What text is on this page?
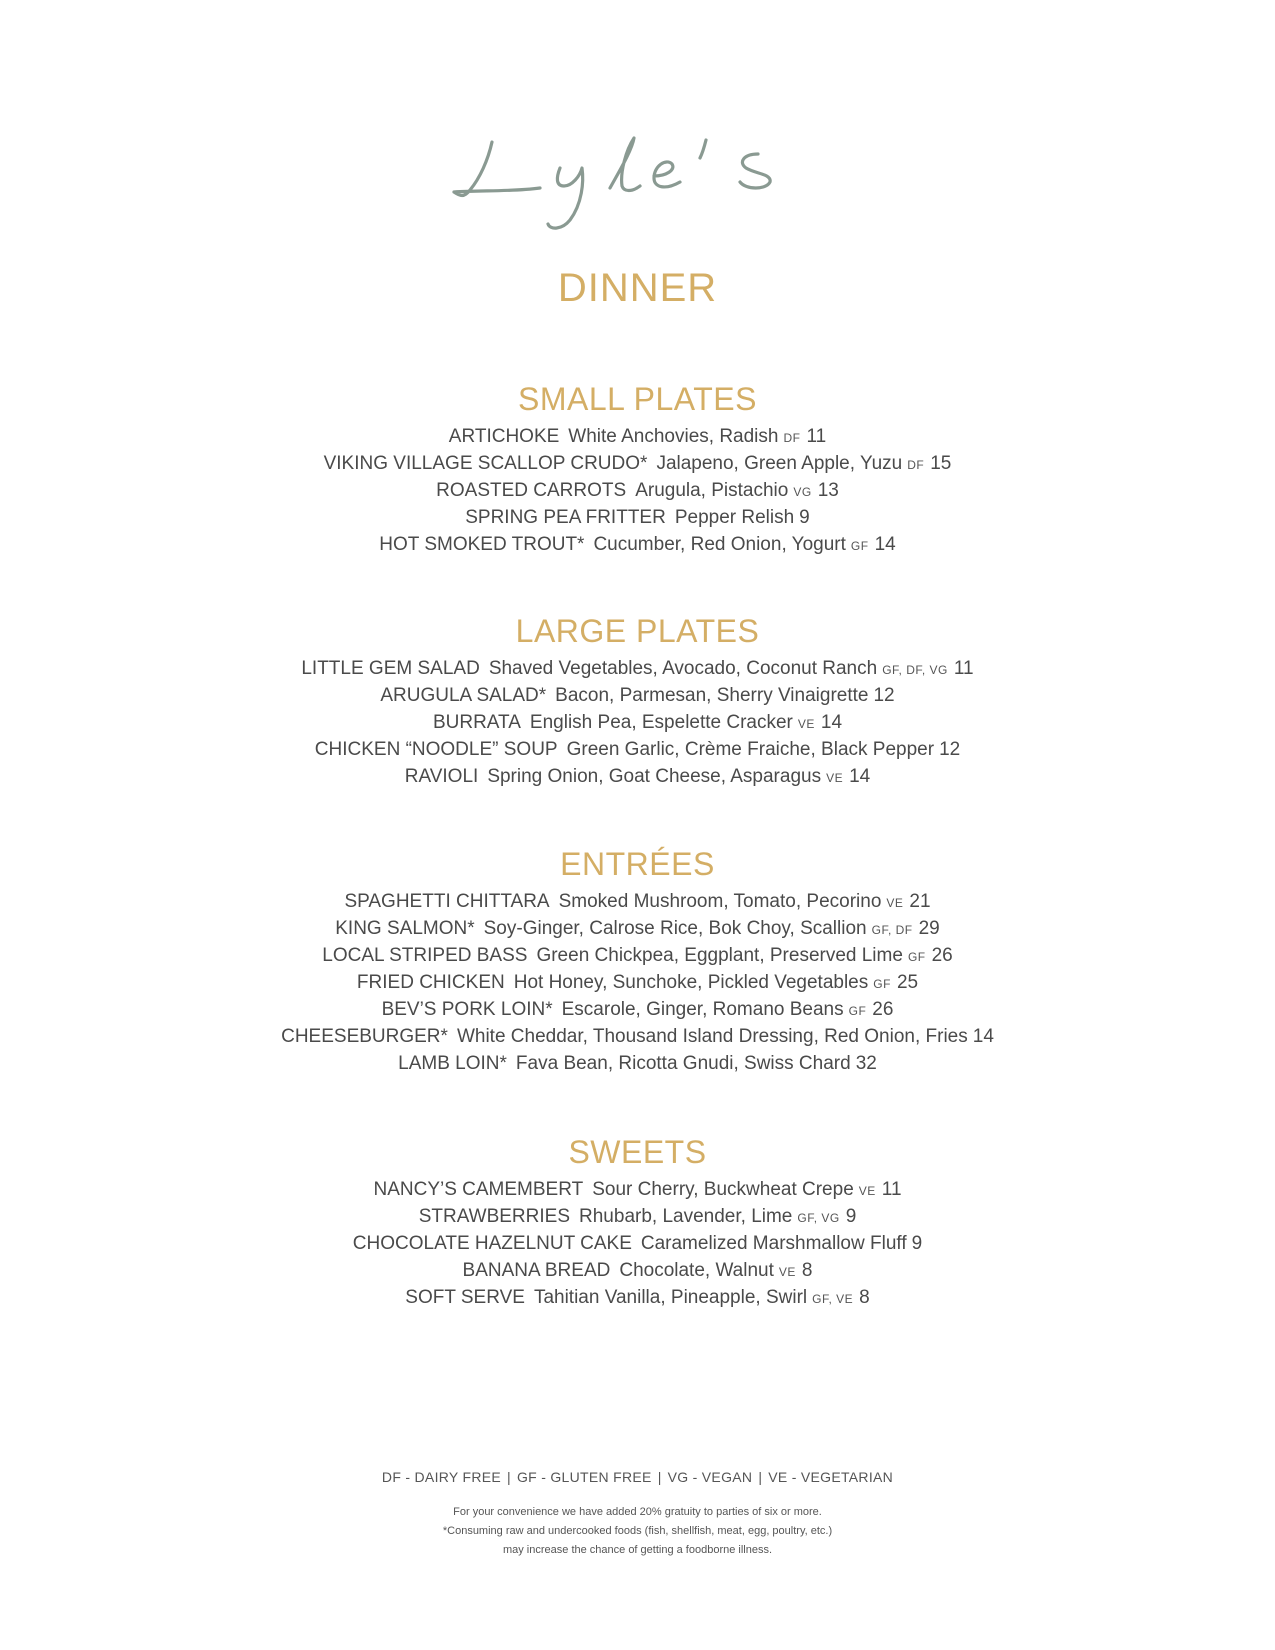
DINNER
SMALL PLATES
ARTICHOKE White Anchovies, Radish DF 11
VIKING VILLAGE SCALLOP CRUDO* Jalapeno, Green Apple, Yuzu DF 15
ROASTED CARROTS Arugula, Pistachio VG 13
SPRING PEA FRITTER Pepper Relish 9
HOT SMOKED TROUT* Cucumber, Red Onion, Yogurt GF 14
LARGE PLATES
LITTLE GEM SALAD Shaved Vegetables, Avocado, Coconut Ranch GF, DF, VG 11
ARUGULA SALAD* Bacon, Parmesan, Sherry Vinaigrette 12
BURRATA English Pea, Espelette Cracker VE 14
CHICKEN “NOODLE” SOUP Green Garlic, Crème Fraiche, Black Pepper 12
RAVIOLI Spring Onion, Goat Cheese, Asparagus VE 14
ENTRÉES
SPAGHETTI CHITTARA Smoked Mushroom, Tomato, Pecorino VE 21
KING SALMON* Soy-Ginger, Calrose Rice, Bok Choy, Scallion GF, DF 29
LOCAL STRIPED BASS Green Chickpea, Eggplant, Preserved Lime GF 26
FRIED CHICKEN Hot Honey, Sunchoke, Pickled Vegetables GF 25
BEV’S PORK LOIN* Escarole, Ginger, Romano Beans GF 26
CHEESEBURGER* White Cheddar, Thousand Island Dressing, Red Onion, Fries 14
LAMB LOIN* Fava Bean, Ricotta Gnudi, Swiss Chard 32
SWEETS
NANCY’S CAMEMBERT Sour Cherry, Buckwheat Crepe VE 11
STRAWBERRIES Rhubarb, Lavender, Lime GF, VG 9
CHOCOLATE HAZELNUT CAKE Caramelized Marshmallow Fluff 9
BANANA BREAD Chocolate, Walnut VE 8
SOFT SERVE Tahitian Vanilla, Pineapple, Swirl GF, VE 8
DF - DAIRY FREE | GF - GLUTEN FREE | VG - VEGAN | VE - VEGETARIAN
For your convenience we have added 20% gratuity to parties of six or more.
*Consuming raw and undercooked foods (fish, shellfish, meat, egg, poultry, etc.)
may increase the chance of getting a foodborne illness.
